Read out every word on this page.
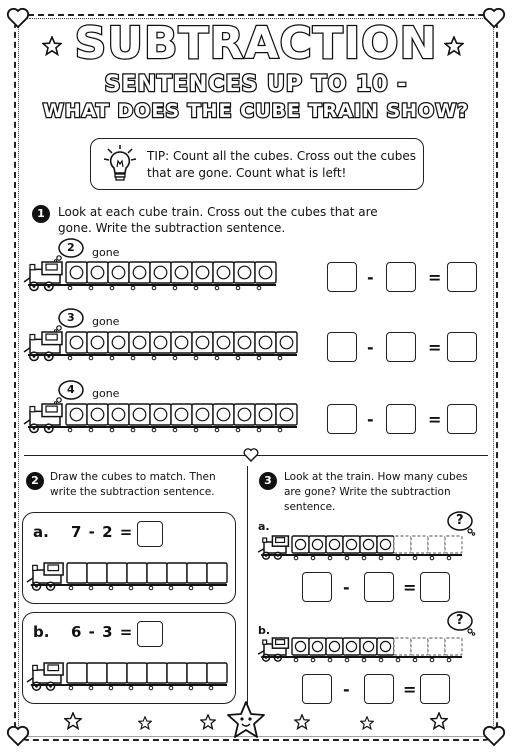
SUBTRACTION
SENTENCES UP TO 10 -
WHAT DOES THE CUBE TRAIN SHOW?
TIP: Count all the cubes. Cross out the cubes that are gone. Count what is left!
1	Look at each cube train. Cross out the cubes that are gone. Write the subtraction sentence.
2 gone
-	=
3 gone
-	=
4 gone
-	=
2	Draw the cubes to match. Then write the subtraction sentence.
a. 7 - 2 =
b. 6 - 3 =
3	Look at the train. How many cubes are gone? Write the subtraction sentence.
a.	?
-	=
b.
?
-	=
